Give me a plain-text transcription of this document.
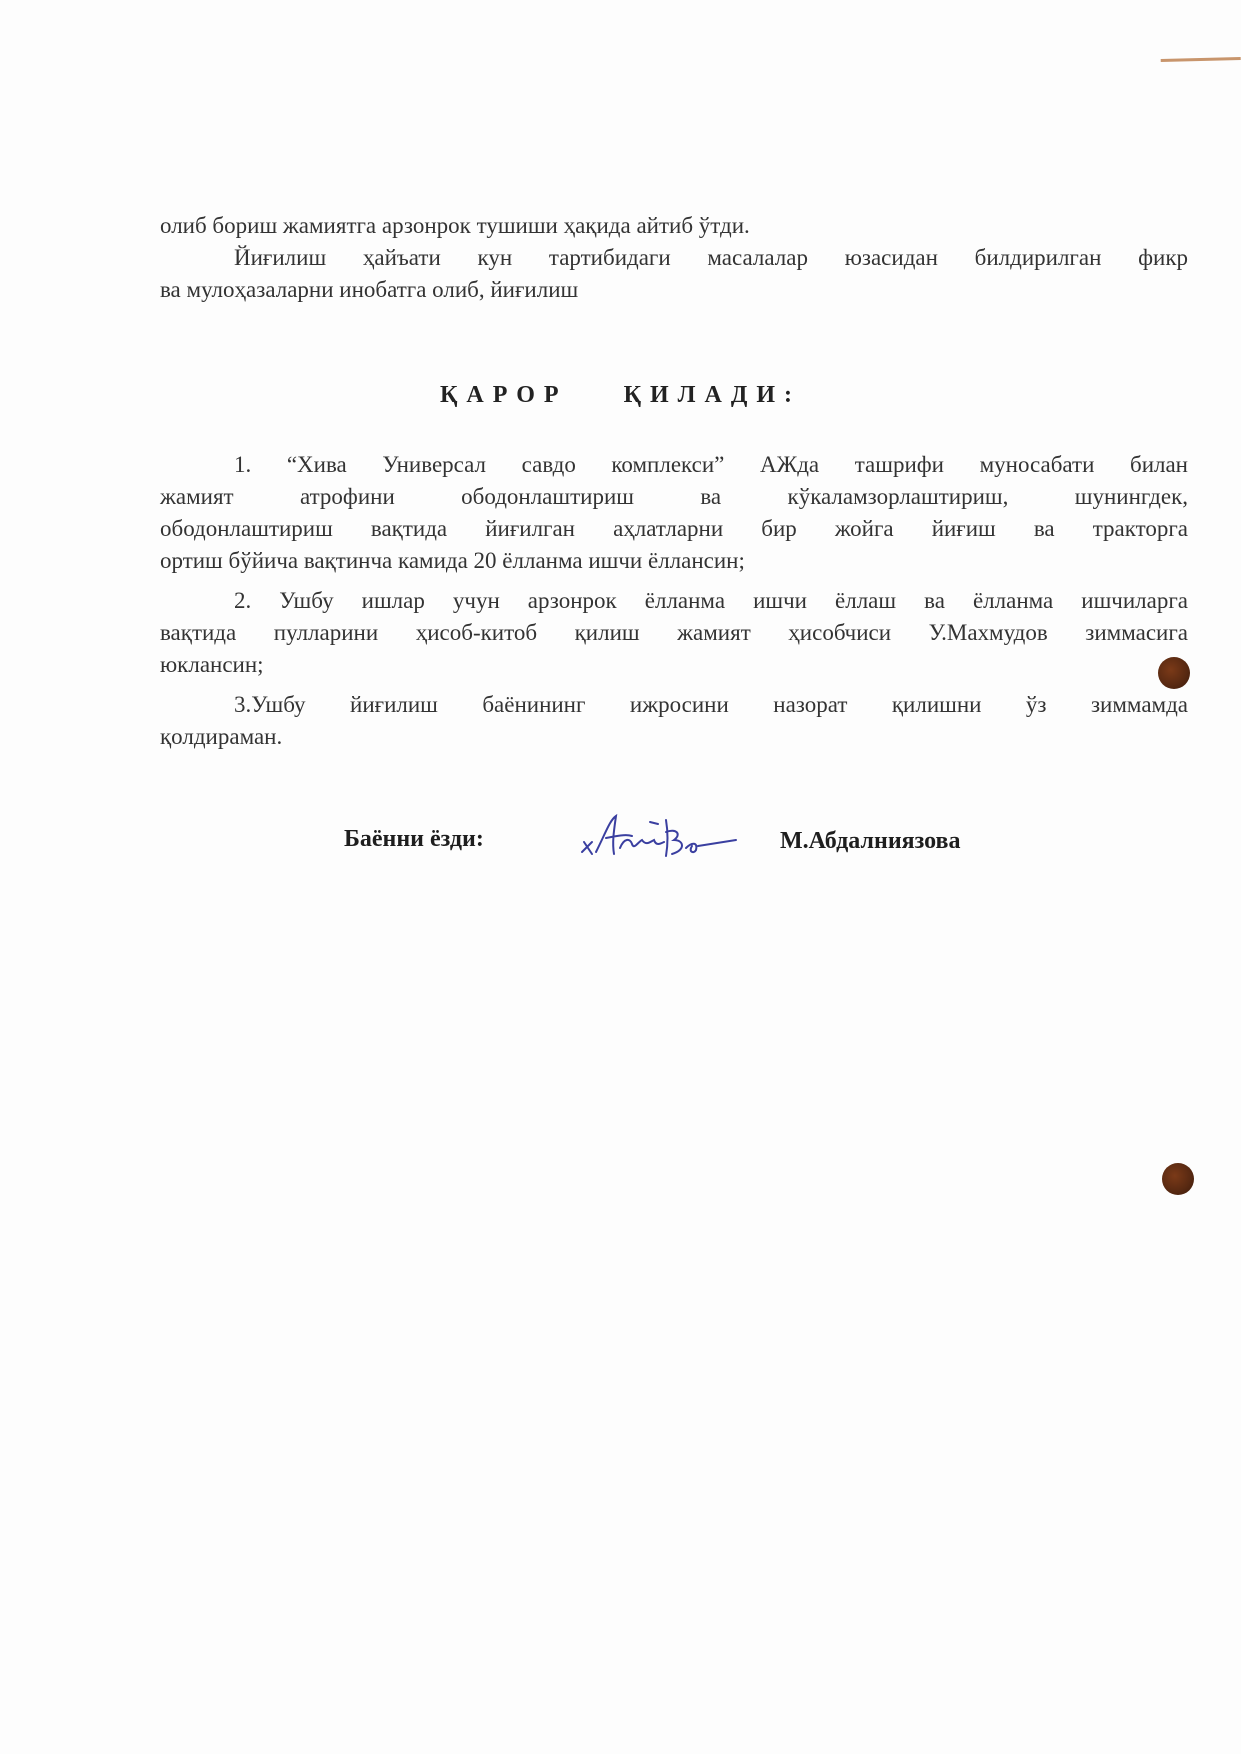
олиб бориш жамиятга арзонрок тушиши ҳақида айтиб ўтди.
Йиғилиш ҳайъати кун тартибидаги масалалар юзасидан билдирилган фикр
ва мулоҳазаларни инобатга олиб, йиғилиш
ҚАРОР ҚИЛАДИ:
1. “Хива Универсал савдо комплекси” АЖда ташрифи муносабати билан
жамият атрофини ободонлаштириш ва кўкаламзорлаштириш, шунингдек,
ободонлаштириш вақтида йиғилган аҳлатларни бир жойга йиғиш ва тракторга
ортиш бўйича вақтинча камида 20 ёлланма ишчи ёллансин;
2. Ушбу ишлар учун арзонрок ёлланма ишчи ёллаш ва ёлланма ишчиларга
вақтида пулларини ҳисоб-китоб қилиш жамият ҳисобчиси У.Махмудов зиммасига
юклансин;
3.Ушбу йиғилиш баёнининг ижросини назорат қилишни ўз зиммамда
қолдираман.
Баённи ёзди:	М.Абдалниязова
